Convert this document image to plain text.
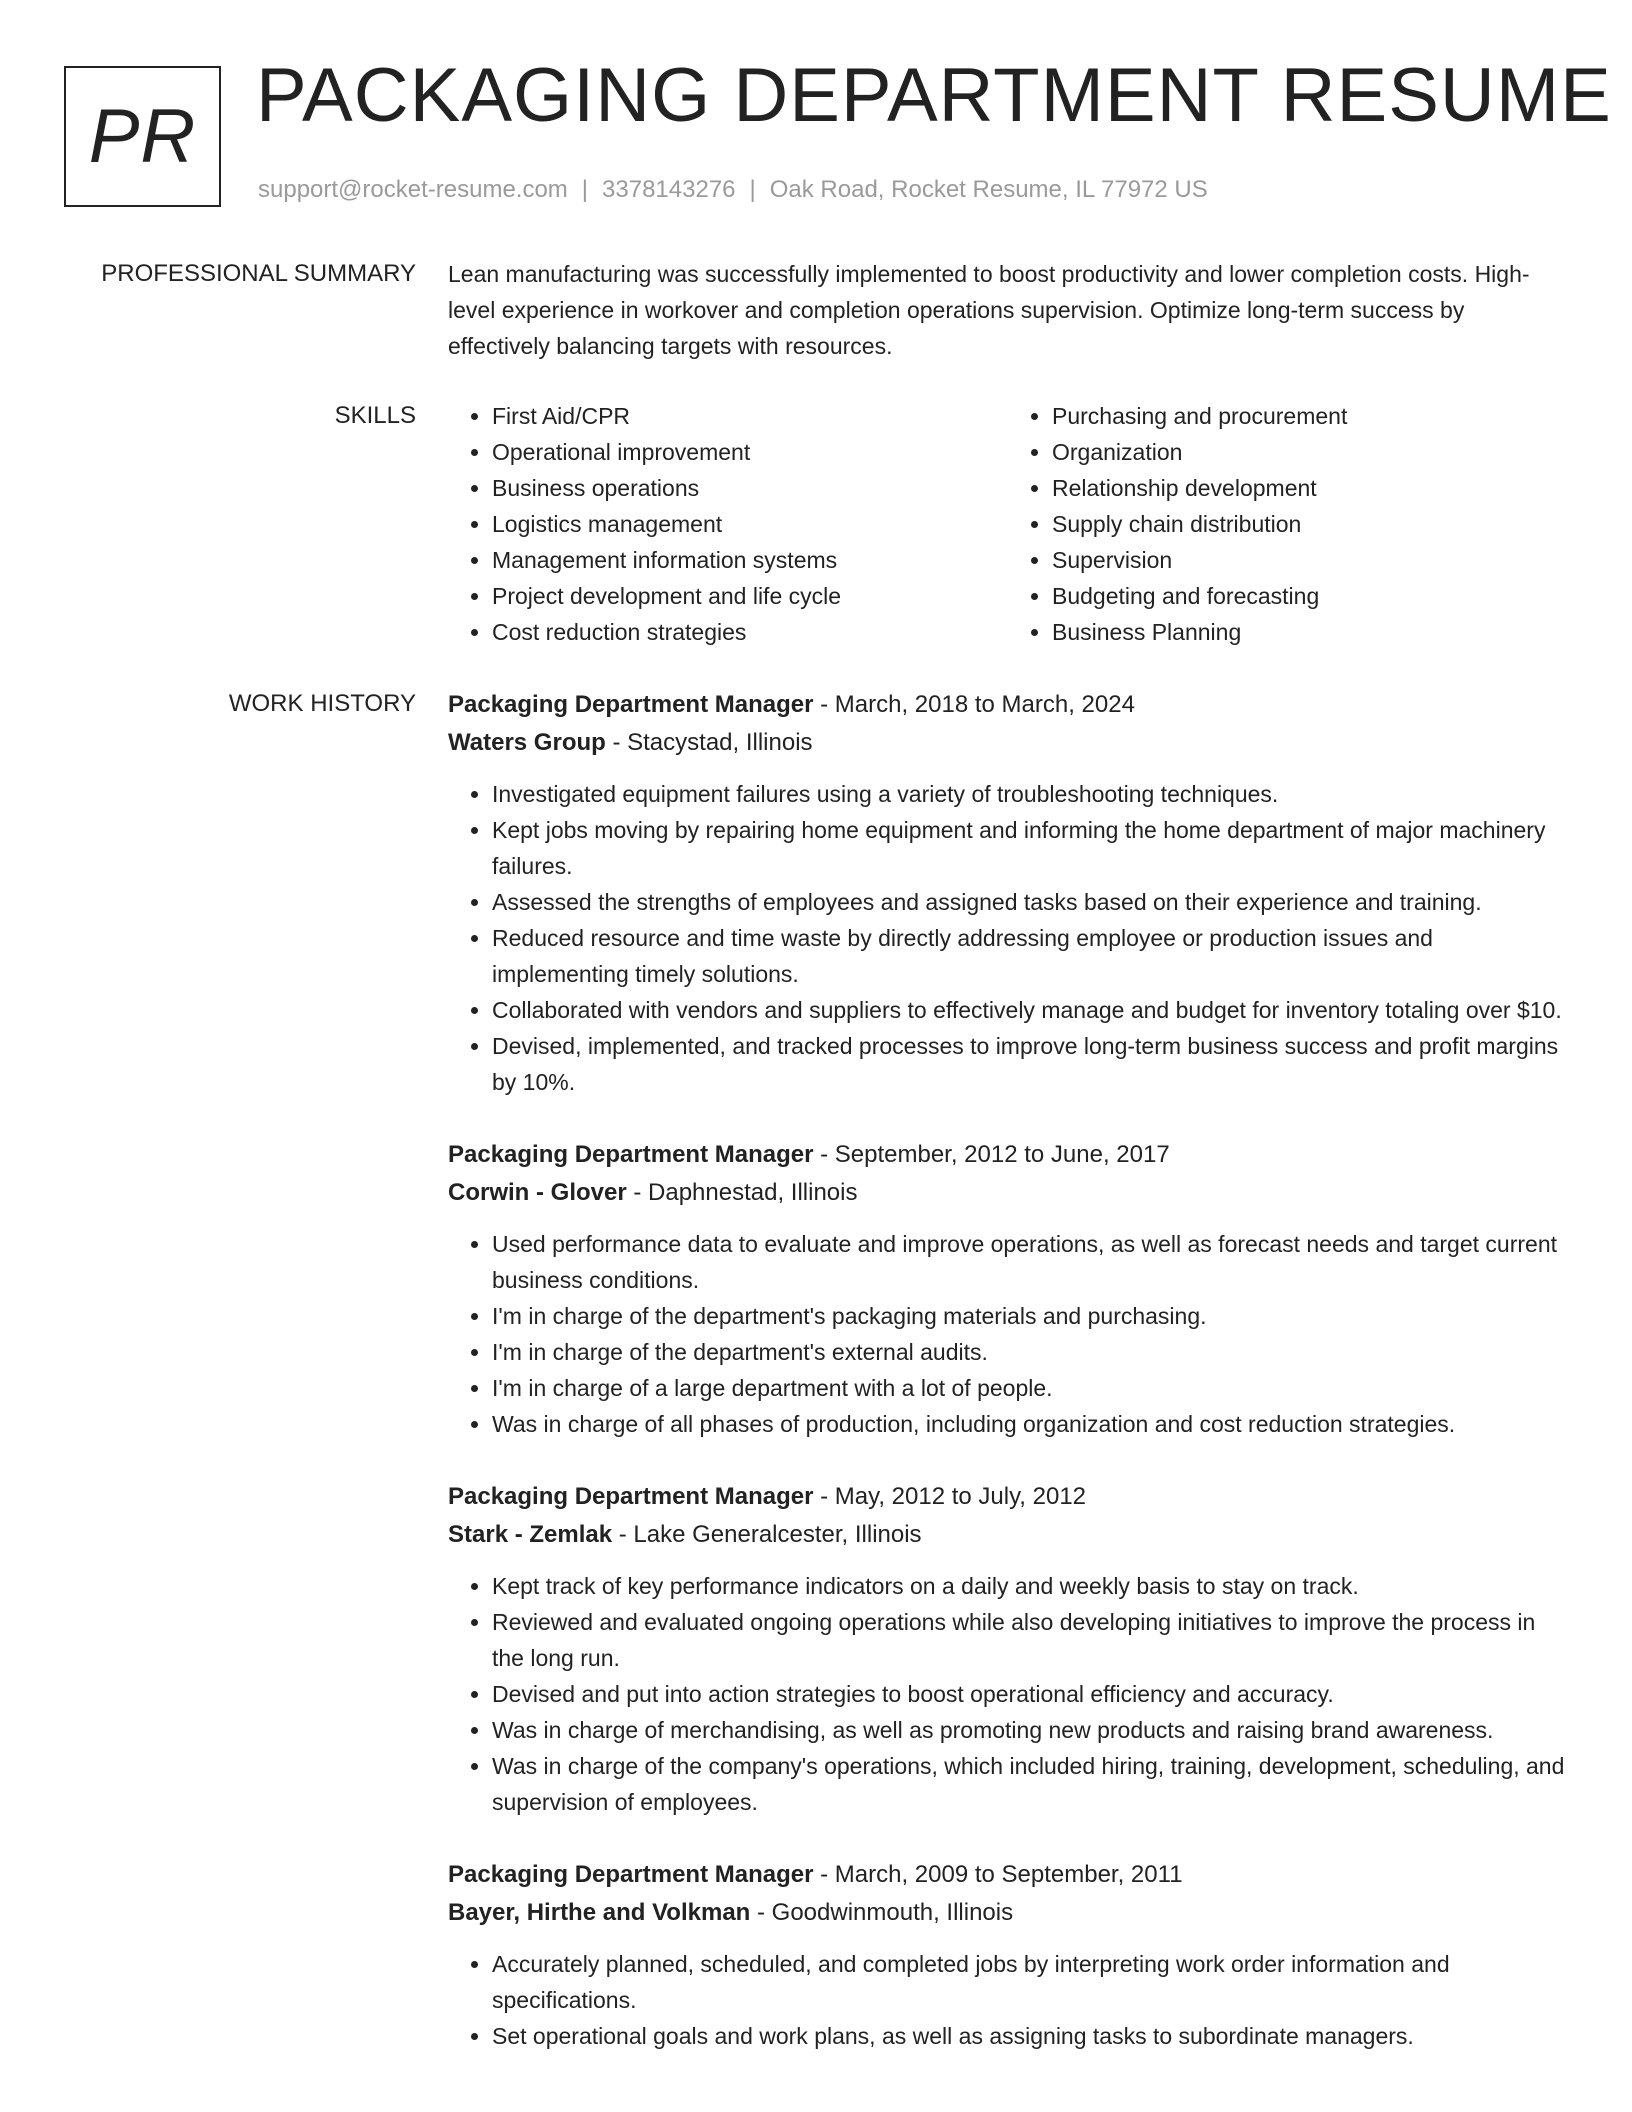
PR PACKAGING DEPARTMENT RESUME
support@rocket-resume.com | 3378143276 | Oak Road, Rocket Resume, IL 77972 US
PROFESSIONAL SUMMARY Lean manufacturing was successfully implemented to boost productivity and lower completion costs. High-level experience in workover and completion operations supervision. Optimize long-term success by effectively balancing targets with resources.
SKILLS
•	First Aid/CPR
• Operational improvement
• Business operations
• Logistics management
• Management information systems
• Project development and life cycle
• Cost reduction strategies
• Purchasing and procurement
• Organization
• Relationship development
• Supply chain distribution
• Supervision
• Budgeting and forecasting
• Business Planning
WORK HISTORY Packaging Department Manager - March, 2018 to March, 2024
Waters Group - Stacystad, Illinois
• Investigated equipment failures using a variety of troubleshooting techniques.
• Kept jobs moving by repairing home equipment and informing the home department of major machinery failures.
• Assessed the strengths of employees and assigned tasks based on their experience and training.
• Reduced resource and time waste by directly addressing employee or production issues and implementing timely solutions.
• Collaborated with vendors and suppliers to effectively manage and budget for inventory totaling over $10.
• Devised, implemented, and tracked processes to improve long-term business success and profit margins by 10%.
Packaging Department Manager - September, 2012 to June, 2017
Corwin - Glover - Daphnestad, Illinois
• Used performance data to evaluate and improve operations, as well as forecast needs and target current business conditions.
• I'm in charge of the department's packaging materials and purchasing.
• I'm in charge of the department's external audits.
• I'm in charge of a large department with a lot of people.
• Was in charge of all phases of production, including organization and cost reduction strategies.
Packaging Department Manager - May, 2012 to July, 2012
Stark - Zemlak - Lake Generalcester, Illinois
• Kept track of key performance indicators on a daily and weekly basis to stay on track.
• Reviewed and evaluated ongoing operations while also developing initiatives to improve the process in the long run.
• Devised and put into action strategies to boost operational efficiency and accuracy.
• Was in charge of merchandising, as well as promoting new products and raising brand awareness.
• Was in charge of the company's operations, which included hiring, training, development, scheduling, and supervision of employees.
Packaging Department Manager - March, 2009 to September, 2011
Bayer, Hirthe and Volkman - Goodwinmouth, Illinois
• Accurately planned, scheduled, and completed jobs by interpreting work order information and specifications.
• Set operational goals and work plans, as well as assigning tasks to subordinate managers.
